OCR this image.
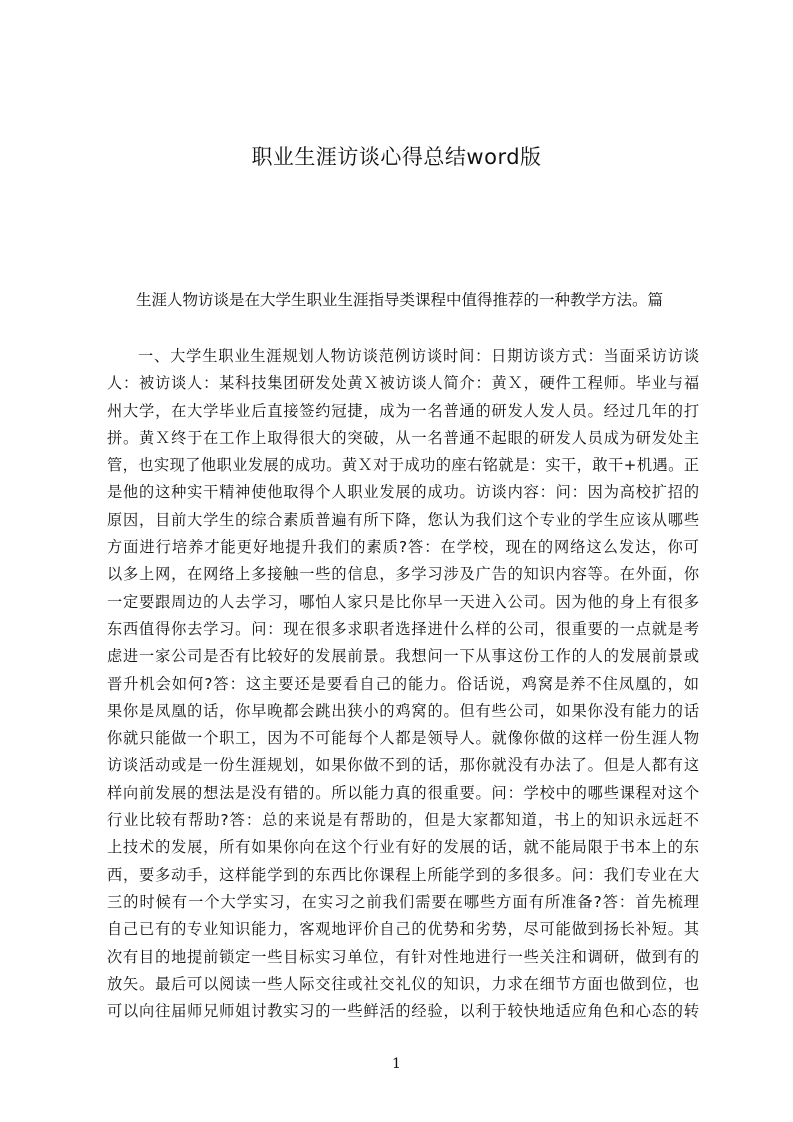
职业生涯访谈心得总结word版

生涯人物访谈是在大学生职业生涯指导类课程中值得推荐的一种教学方法。篇

一、大学生职业生涯规划人物访谈范例访谈时间：日期访谈方式：当面采访访谈
人：被访谈人：某科技集团研发处黄Ｘ被访谈人简介：黄Ｘ，硬件工程师。毕业与福
州大学，在大学毕业后直接签约冠捷，成为一名普通的研发人发人员。经过几年的打
拼。黄Ｘ终于在工作上取得很大的突破，从一名普通不起眼的研发人员成为研发处主
管，也实现了他职业发展的成功。黄Ｘ对于成功的座右铭就是：实干，敢干+机遇。正
是他的这种实干精神使他取得个人职业发展的成功。访谈内容：问：因为高校扩招的
原因，目前大学生的综合素质普遍有所下降，您认为我们这个专业的学生应该从哪些
方面进行培养才能更好地提升我们的素质?答：在学校，现在的网络这么发达，你可
以多上网，在网络上多接触一些的信息，多学习涉及广告的知识内容等。在外面，你
一定要跟周边的人去学习，哪怕人家只是比你早一天进入公司。因为他的身上有很多
东西值得你去学习。问：现在很多求职者选择进什么样的公司，很重要的一点就是考
虑进一家公司是否有比较好的发展前景。我想问一下从事这份工作的人的发展前景或
晋升机会如何?答：这主要还是要看自己的能力。俗话说，鸡窝是养不住凤凰的，如
果你是凤凰的话，你早晚都会跳出狭小的鸡窝的。但有些公司，如果你没有能力的话
你就只能做一个职工，因为不可能每个人都是领导人。就像你做的这样一份生涯人物
访谈活动或是一份生涯规划，如果你做不到的话，那你就没有办法了。但是人都有这
样向前发展的想法是没有错的。所以能力真的很重要。问：学校中的哪些课程对这个
行业比较有帮助?答：总的来说是有帮助的，但是大家都知道，书上的知识永远赶不
上技术的发展，所有如果你向在这个行业有好的发展的话，就不能局限于书本上的东
西，要多动手，这样能学到的东西比你课程上所能学到的多很多。问：我们专业在大
三的时候有一个大学实习，在实习之前我们需要在哪些方面有所准备?答：首先梳理
自己已有的专业知识能力，客观地评价自己的优势和劣势，尽可能做到扬长补短。其
次有目的地提前锁定一些目标实习单位，有针对性地进行一些关注和调研，做到有的
放矢。最后可以阅读一些人际交往或社交礼仪的知识，力求在细节方面也做到位，也
可以向往届师兄师姐讨教实习的一些鲜活的经验，以利于较快地适应角色和心态的转
1
